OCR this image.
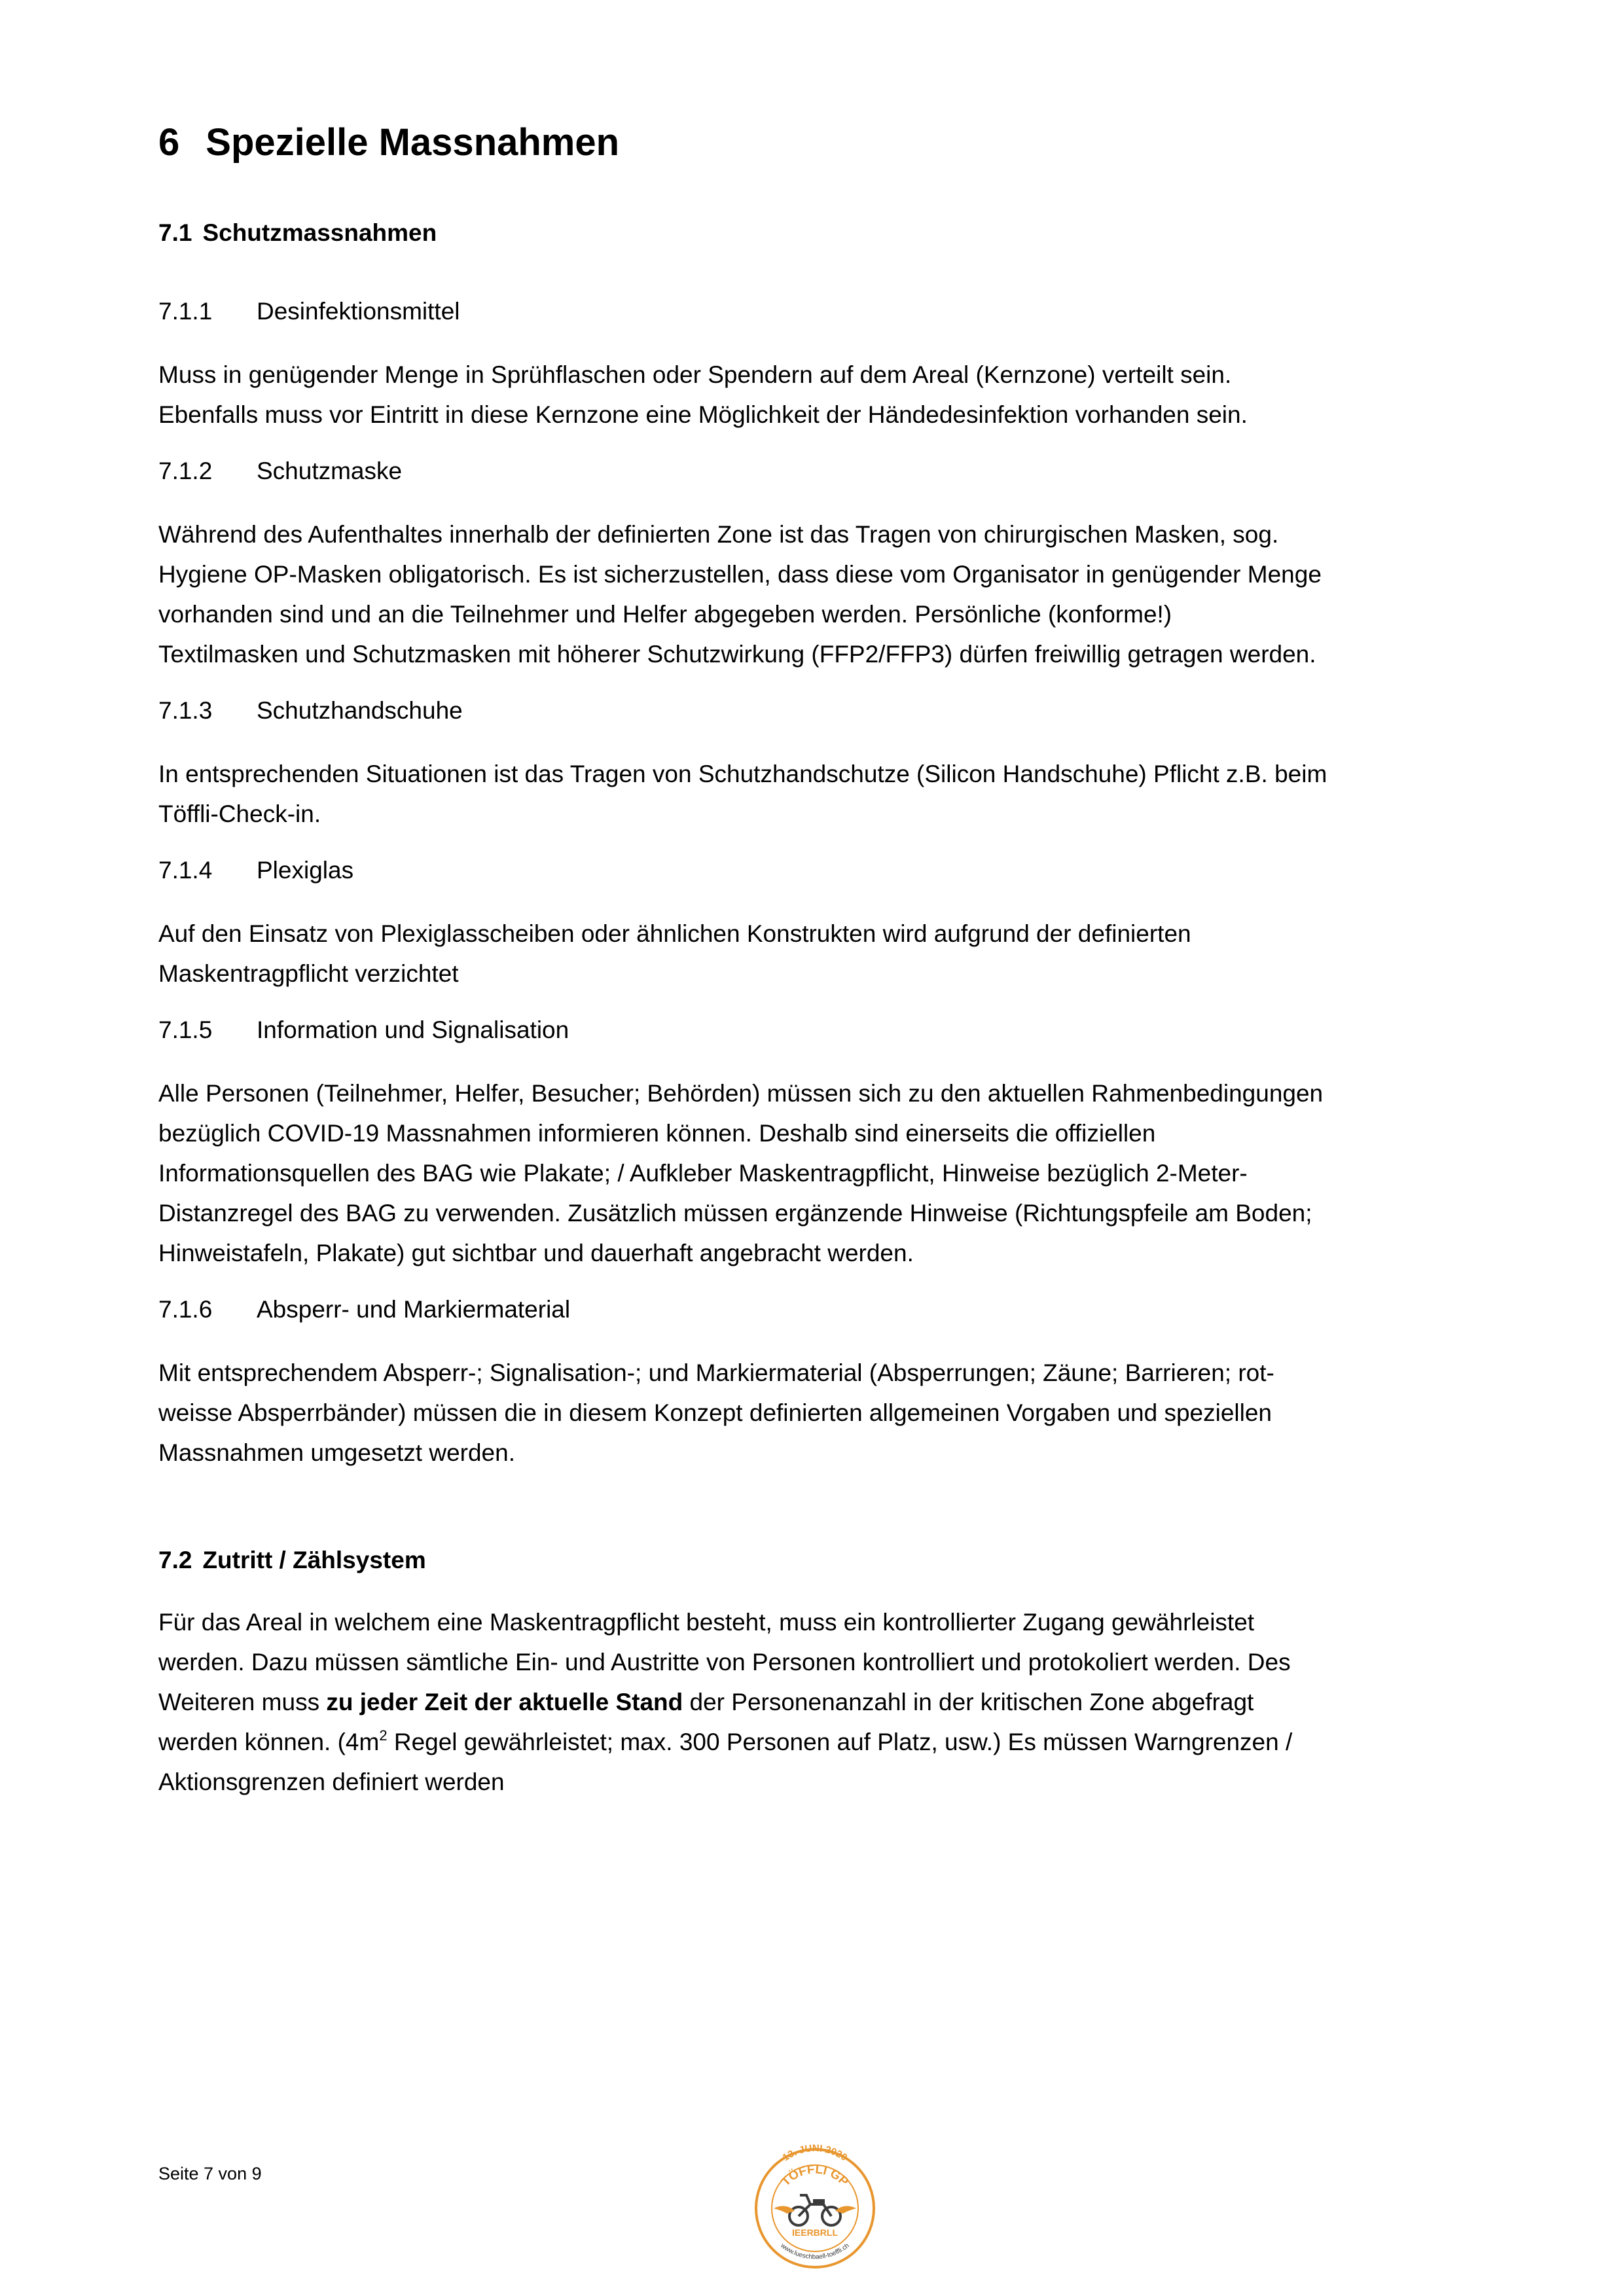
6 Spezielle Massnahmen
7.1 Schutzmassnahmen
7.1.1	Desinfektionsmittel

Muss in genügender Menge in Sprühflaschen oder Spendern auf dem Areal (Kernzone) verteilt sein.
Ebenfalls muss vor Eintritt in diese Kernzone eine Möglichkeit der Händedesinfektion vorhanden sein.

7.1.2	Schutzmaske

Während des Aufenthaltes innerhalb der definierten Zone ist das Tragen von chirurgischen Masken, sog.
Hygiene OP-Masken obligatorisch. Es ist sicherzustellen, dass diese vom Organisator in genügender Menge
vorhanden sind und an die Teilnehmer und Helfer abgegeben werden. Persönliche (konforme!)
Textilmasken und Schutzmasken mit höherer Schutzwirkung (FFP2/FFP3) dürfen freiwillig getragen werden.

7.1.3	Schutzhandschuhe

In entsprechenden Situationen ist das Tragen von Schutzhandschutze (Silicon Handschuhe) Pflicht z.B. beim
Töffli-Check-in.

7.1.4	Plexiglas

Auf den Einsatz von Plexiglasscheiben oder ähnlichen Konstrukten wird aufgrund der definierten
Maskentragpflicht verzichtet

7.1.5	Information und Signalisation

Alle Personen (Teilnehmer, Helfer, Besucher; Behörden) müssen sich zu den aktuellen Rahmenbedingungen
bezüglich COVID-19 Massnahmen informieren können. Deshalb sind einerseits die offiziellen
Informationsquellen des BAG wie Plakate; / Aufkleber Maskentragpflicht, Hinweise bezüglich 2-Meter-
Distanzregel des BAG zu verwenden. Zusätzlich müssen ergänzende Hinweise (Richtungspfeile am Boden;
Hinweistafeln, Plakate) gut sichtbar und dauerhaft angebracht werden.

7.1.6	Absperr- und Markiermaterial

Mit entsprechendem Absperr-; Signalisation-; und Markiermaterial (Absperrungen; Zäune; Barrieren; rot-
weisse Absperrbänder) müssen die in diesem Konzept definierten allgemeinen Vorgaben und speziellen
Massnahmen umgesetzt werden.

7.2 Zutritt / Zählsystem

Für das Areal in welchem eine Maskentragpflicht besteht, muss ein kontrollierter Zugang gewährleistet
werden. Dazu müssen sämtliche Ein- und Austritte von Personen kontrolliert und protokoliert werden. Des
Weiteren muss zu jeder Zeit der aktuelle Stand der Personenanzahl in der kritischen Zone abgefragt
werden können. ($4m^2$ Regel gewährleistet; max. 300 Personen auf Platz, usw.) Es müssen Warngrenzen /
Aktionsgrenzen definiert werden

Seite 7 von 9
13. JUNI 2020
TÖFFLI GP
IEERBRLL
www.lueschbaell-toeffli.ch
